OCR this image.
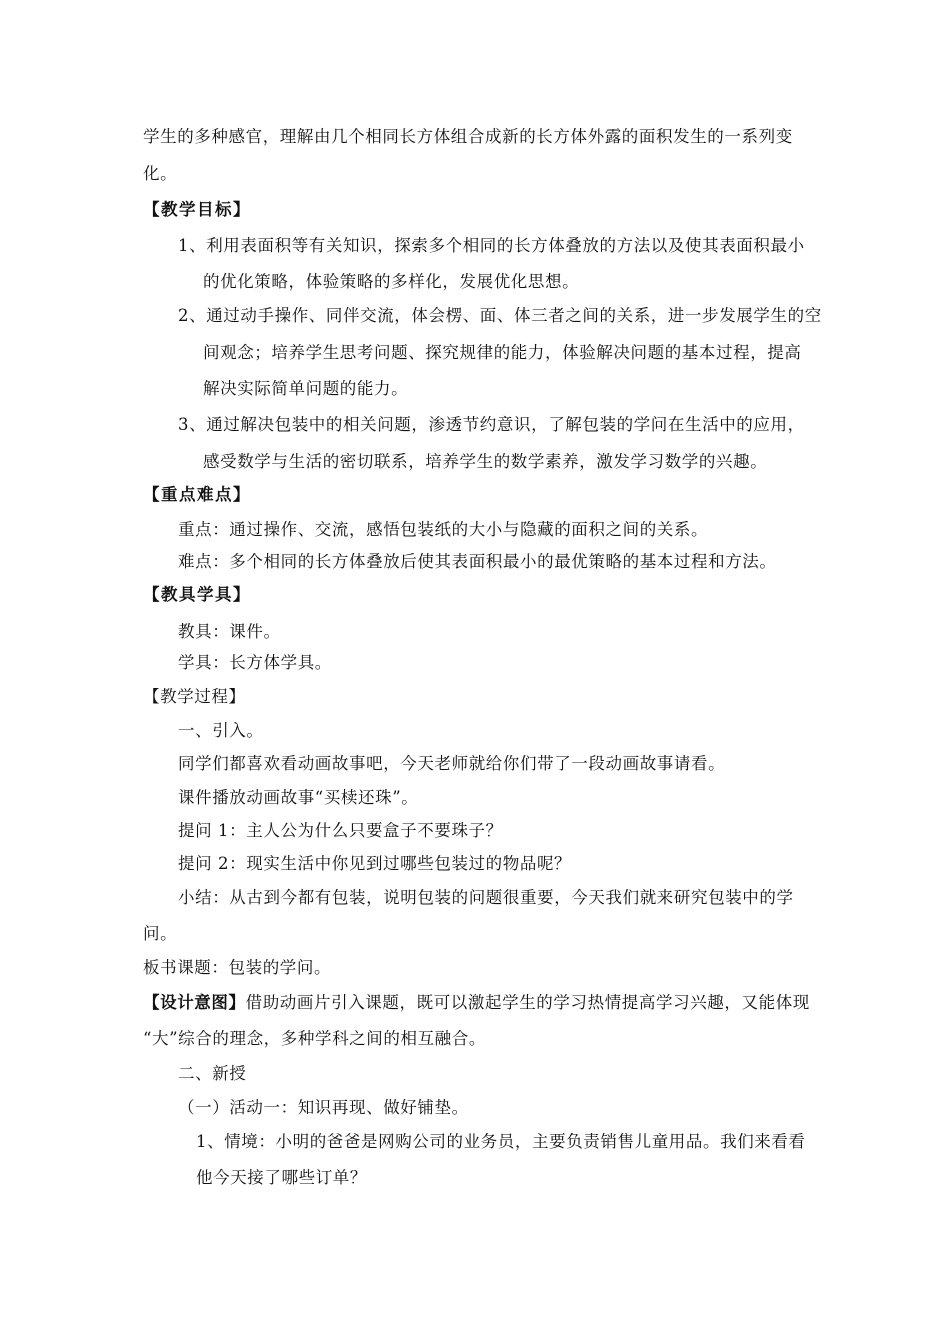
学生的多种感官，理解由几个相同长方体组合成新的长方体外露的面积发生的一系列变
化。
【教学目标】
1、利用表面积等有关知识，探索多个相同的长方体叠放的方法以及使其表面积最小
的优化策略，体验策略的多样化，发展优化思想。
2、通过动手操作、同伴交流，体会楞、面、体三者之间的关系，进一步发展学生的空
间观念；培养学生思考问题、探究规律的能力，体验解决问题的基本过程，提高
解决实际简单问题的能力。
3、通过解决包装中的相关问题，渗透节约意识，了解包装的学问在生活中的应用，
感受数学与生活的密切联系，培养学生的数学素养，激发学习数学的兴趣。
【重点难点】
重点：通过操作、交流，感悟包装纸的大小与隐藏的面积之间的关系。
难点：多个相同的长方体叠放后使其表面积最小的最优策略的基本过程和方法。
【教具学具】
教具：课件。
学具：长方体学具。
【教学过程】
一、引入。
同学们都喜欢看动画故事吧，今天老师就给你们带了一段动画故事请看。
课件播放动画故事“买椟还珠”。
提问 1：主人公为什么只要盒子不要珠子？
提问 2：现实生活中你见到过哪些包装过的物品呢？
小结：从古到今都有包装，说明包装的问题很重要，今天我们就来研究包装中的学
问。
板书课题：包装的学问。
【设计意图】借助动画片引入课题，既可以激起学生的学习热情提高学习兴趣，又能体现
“大”综合的理念，多种学科之间的相互融合。
二、新授
（一）活动一：知识再现、做好铺垫。
1、情境：小明的爸爸是网购公司的业务员，主要负责销售儿童用品。我们来看看
他今天接了哪些订单？
